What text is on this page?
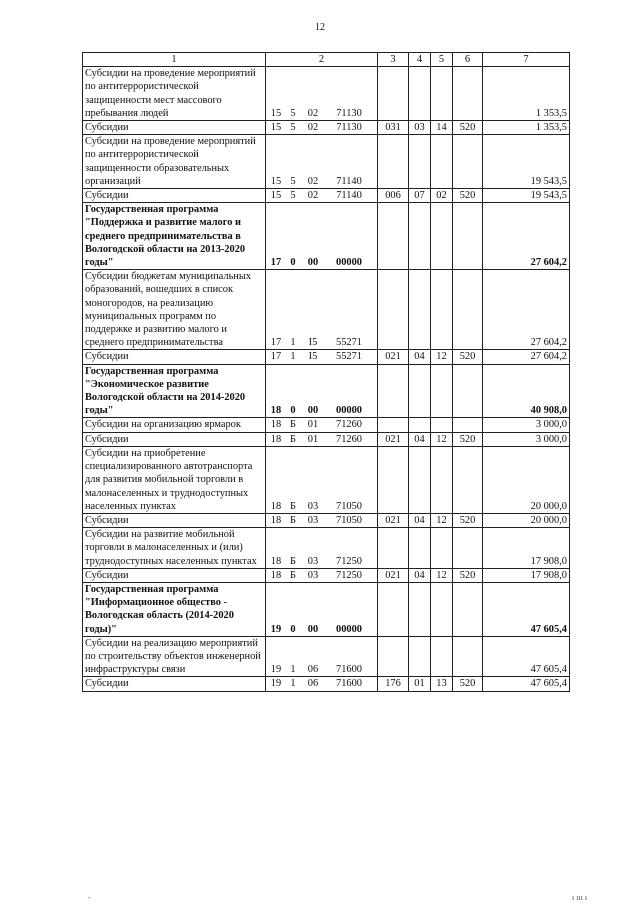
12
1	2	3	4	5	6	7
Субсидии на проведение мероприятий по антитеррористической защищенности мест массового пребывания людей	15 5 02 71130					1 353,5
Субсидии	15 5 02 71130	031	03	14	520	1 353,5
Субсидии на проведение мероприятий по антитеррористической защищенности образовательных организаций	15 5 02 71140					19 543,5
Субсидии	15 5 02 71140	006	07	02	520	19 543,5
Государственная программа "Поддержка и развитие малого и среднего предпринимательства в Вологодской области на 2013-2020 годы"	17 0 00 00000					27 604,2
Субсидии бюджетам муниципальных образований, вошедших в список моногородов, на реализацию муниципальных программ по поддержке и развитию малого и среднего предпринимательства	17 1 I5 55271					27 604,2
Субсидии	17 1 I5 55271	021	04	12	520	27 604,2
Государственная программа "Экономическое развитие Вологодской области на 2014-2020 годы"	18 0 00 00000					40 908,0
Субсидии на организацию ярмарок	18 Б 01 71260					3 000,0
Субсидии	18 Б 01 71260	021	04	12	520	3 000,0
Субсидии на приобретение специализированного автотранспорта для развития мобильной торговли в малонаселенных и труднодоступных населенных пунктах	18 Б 03 71050					20 000,0
Субсидии	18 Б 03 71050	021	04	12	520	20 000,0
Субсидии на развитие мобильной торговли в малонаселенных и (или) труднодоступных населенных пунктах	18 Б 03 71250					17 908,0
Субсидии	18 Б 03 71250	021	04	12	520	17 908,0
Государственная программа "Информационное общество - Вологодская область (2014-2020 годы)"	19 0 00 00000					47 605,4
Субсидии на реализацию мероприятий по строительству объектов инженерной инфраструктуры связи	19 1 06 71600					47 605,4
Субсидии	19 1 06 71600	176	01	13	520	47 605,4
-	ı ııı ı
